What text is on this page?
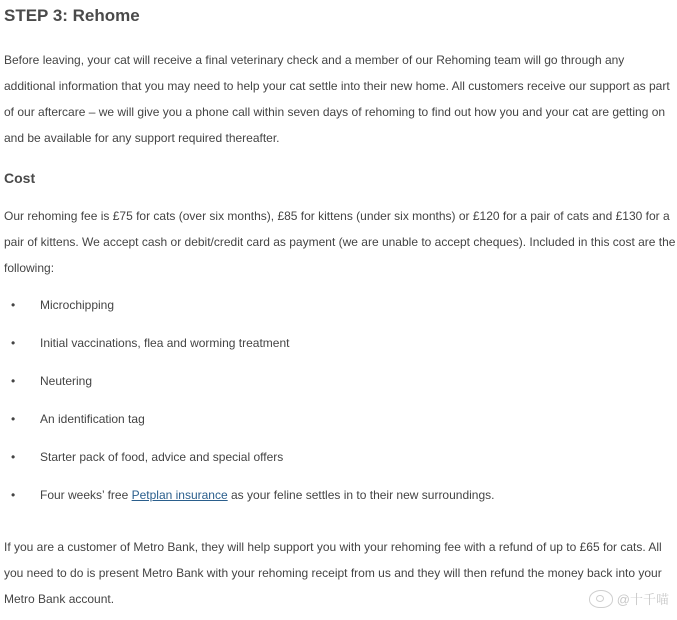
STEP 3: Rehome

Before leaving, your cat will receive a final veterinary check and a member of our Rehoming team will go through any additional information that you may need to help your cat settle into their new home. All customers receive our support as part of our aftercare – we will give you a phone call within seven days of rehoming to find out how you and your cat are getting on and be available for any support required thereafter.

Cost

Our rehoming fee is £75 for cats (over six months), £85 for kittens (under six months) or £120 for a pair of cats and £130 for a pair of kittens. We accept cash or debit/credit card as payment (we are unable to accept cheques). Included in this cost are the following:

• Microchipping
• Initial vaccinations, flea and worming treatment
• Neutering
• An identification tag
• Starter pack of food, advice and special offers
• Four weeks’ free Petplan insurance as your feline settles in to their new surroundings.

If you are a customer of Metro Bank, they will help support you with your rehoming fee with a refund of up to £65 for cats. All you need to do is present Metro Bank with your rehoming receipt from us and they will then refund the money back into your Metro Bank account.	@十千喵
